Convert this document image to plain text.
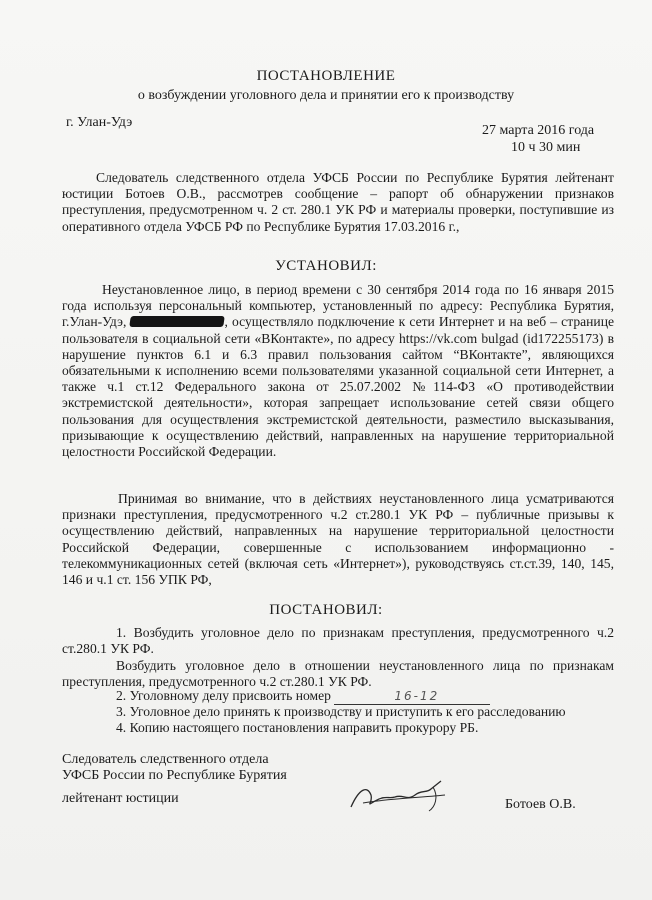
ПОСТАНОВЛЕНИЕ
о возбуждении уголовного дела и принятии его к производству
г. Улан-Удэ
27 марта 2016 года
10 ч 30 мин
Следователь следственного отдела УФСБ России по Республике Бурятия лейтенант юстиции Ботоев О.В., рассмотрев сообщение – рапорт об обнаружении признаков преступления, предусмотренном ч. 2 ст. 280.1 УК РФ и материалы проверки, поступившие из оперативного отдела УФСБ РФ по Республике Бурятия 17.03.2016 г.,
УСТАНОВИЛ:
Неустановленное лицо, в период времени с 30 сентября 2014 года по 16 января 2015 года используя персональный компьютер, установленный по адресу: Республика Бурятия, г.Улан-Удэ,	, осуществляло подключение к сети Интернет и на веб – странице пользователя в социальной сети «ВКонтакте», по адресу https://vk.com bulgad (id172255173) в нарушение пунктов 6.1 и 6.3 правил пользования сайтом “ВКонтакте”, являющихся обязательными к исполнению всеми пользователями указанной социальной сети Интернет, а также ч.1 ст.12 Федерального закона от 25.07.2002 №114-ФЗ «О противодействии экстремистской деятельности», которая запрещает использование сетей связи общего пользования для осуществления экстремистской деятельности, разместило высказывания, призывающие к осуществлению действий, направленных на нарушение территориальной целостности Российской Федерации.
Принимая во внимание, что в действиях неустановленного лица усматриваются признаки преступления, предусмотренного ч.2 ст.280.1 УК РФ – публичные призывы к осуществлению действий, направленных на нарушение территориальной целостности Российской Федерации, совершенные с использованием информационно - телекоммуникационных сетей (включая сеть «Интернет»), руководствуясь ст.ст.39, 140, 145, 146 и ч.1 ст. 156 УПК РФ,
ПОСТАНОВИЛ:
1. Возбудить уголовное дело по признакам преступления, предусмотренного ч.2 ст.280.1 УК РФ.
Возбудить уголовное дело в отношении неустановленного лица по признакам преступления, предусмотренного ч.2 ст.280.1 УК РФ.
2. Уголовному делу присвоить номер	16-12
3. Уголовное дело принять к производству и приступить к его расследованию
4. Копию настоящего постановления направить прокурору РБ.
Следователь следственного отдела
УФСБ России по Республике Бурятия
лейтенант юстиции	Ботоев О.В.
